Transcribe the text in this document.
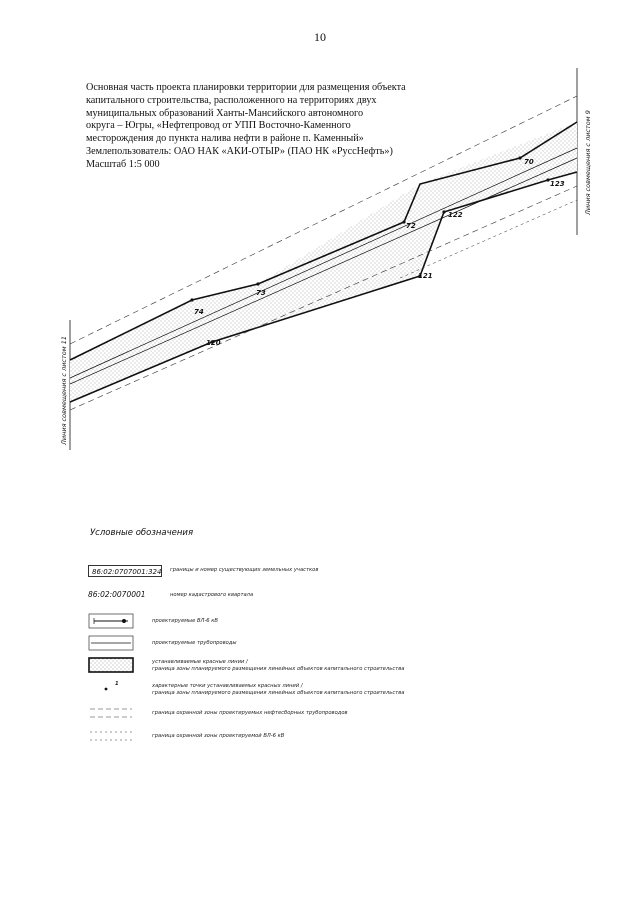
10
Основная часть проекта планировки территории для размещения объекта
капитального строительства, расположенного на территориях двух
муниципальных образований Ханты-Мансийского автономного
округа – Югры, «Нефтепровод от УПП Восточно-Каменного
месторождения до пункта налива нефти в районе п. Каменный»
Землепользователь: ОАО НАК «АКИ-ОТЫР» (ПАО НК «РуссНефть»)
Масштаб 1:5 000
Линия совмещения с листом 11
Линия совмещения с листом 9
74
73
72
70
120
121
122
123
Условные обозначения
86:02:0707001:324 границы и номер существующих земельных участков
86:02:0070001	номер кадастрового квартала
проектируемые ВЛ-6 кВ
проектируемые трубопроводы
устанавливаемые красные линии /
граница зоны планируемого размещения линейных объектов капитального строительства
1	характерные точки устанавливаемых красных линий /
граница зоны планируемого размещения линейных объектов капитального строительства
граница охранной зоны проектируемых нефтесборных трубопроводов
граница охранной зоны проектируемой ВЛ-6 кВ
